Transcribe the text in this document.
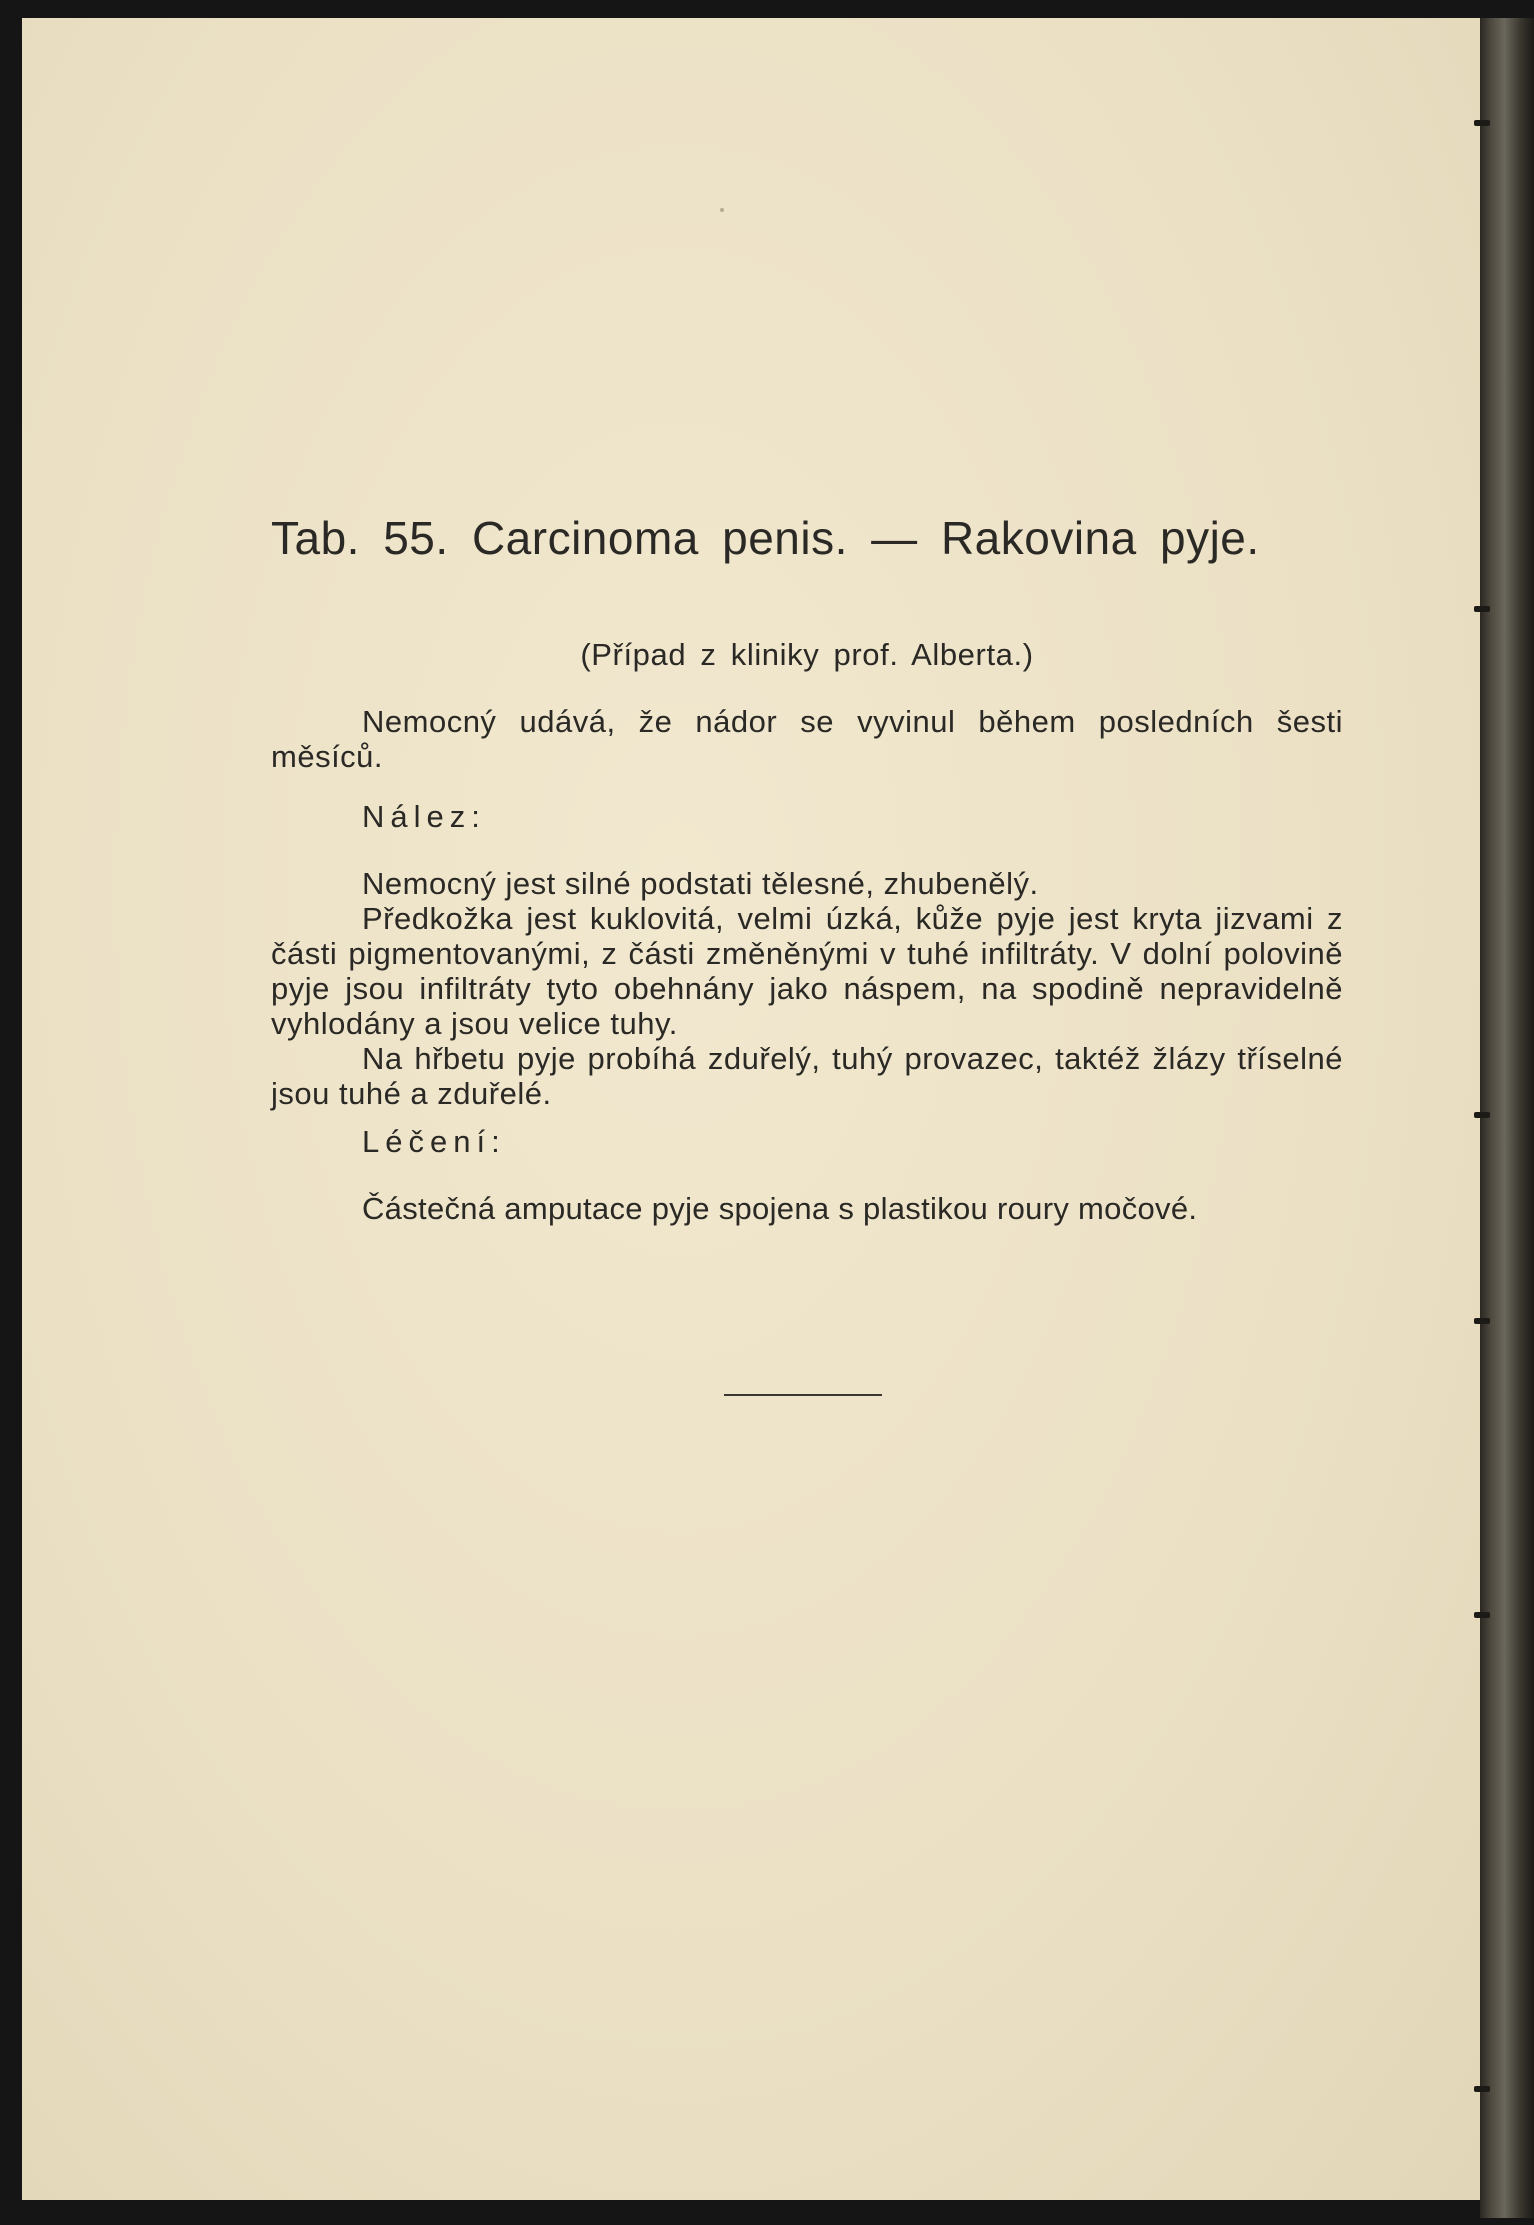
Tab. 55. Carcinoma penis. — Rakovina pyje.
(Případ z kliniky prof. Alberta.)

Nemocný udává, že nádor se vyvinul během posledních šesti měsíců.

Nález:

Nemocný jest silné podstati tělesné, zhubenělý.

Předkožka jest kuklovitá, velmi úzká, kůže pyje jest kryta jizvami z části pigmentovanými, z části změněnými v tuhé infiltráty. V dolní polovině pyje jsou infiltráty tyto obehnány jako náspem, na spodině nepravidelně vyhlodány a jsou velice tuhy.

Na hřbetu pyje probíhá zduřelý, tuhý provazec, taktéž žlázy tříselné jsou tuhé a zduřelé.

Léčení:

Částečná amputace pyje spojena s plastikou roury močové.
